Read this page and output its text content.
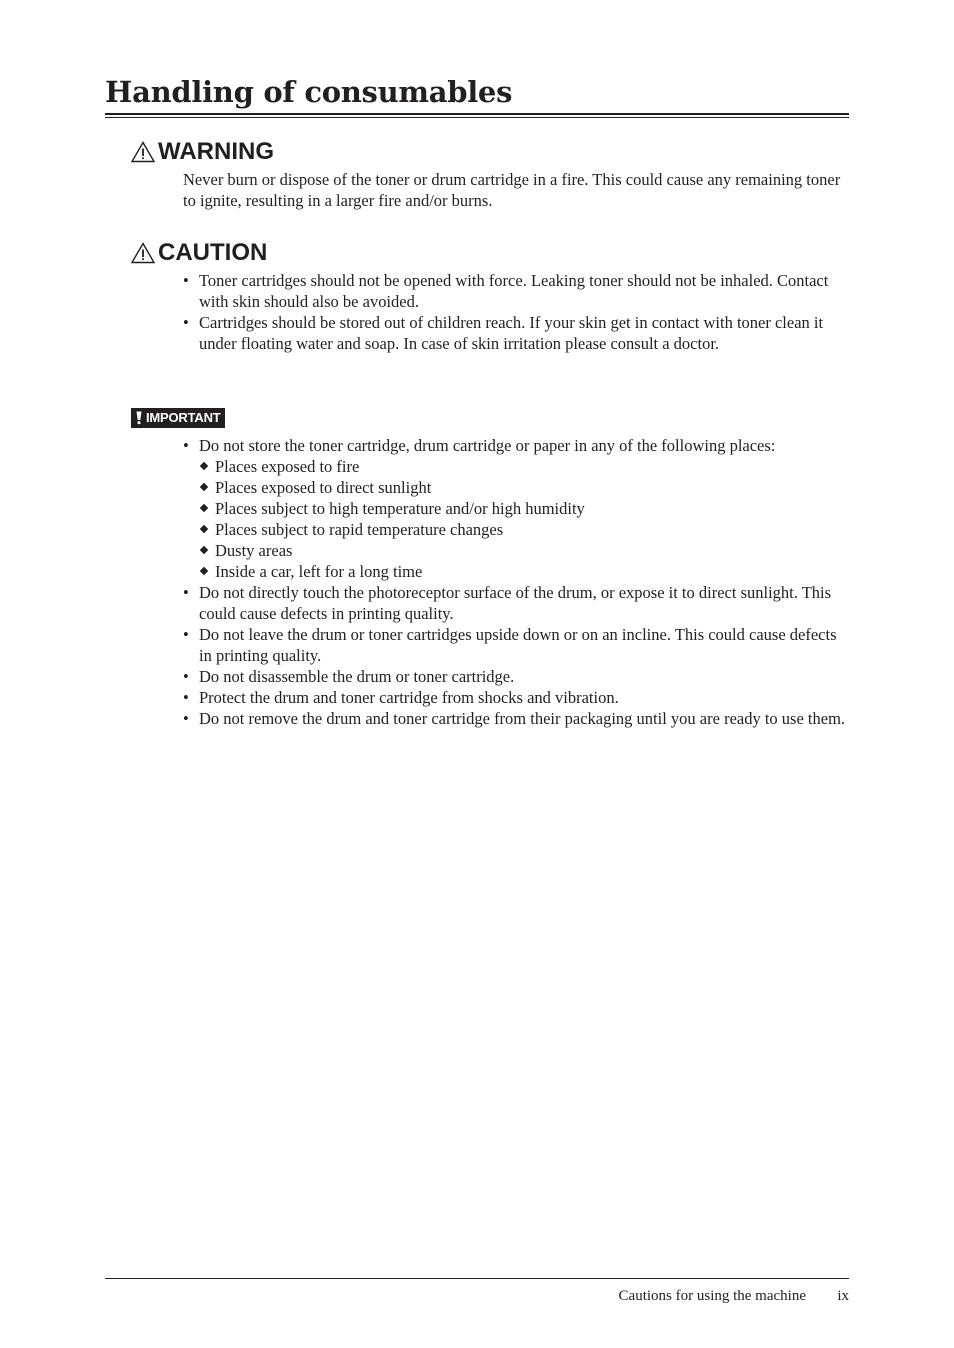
Handling of consumables
WARNING
Never burn or dispose of the toner or drum cartridge in a fire. This could cause any remaining toner to ignite, resulting in a larger fire and/or burns.
CAUTION
• Toner cartridges should not be opened with force. Leaking toner should not be inhaled. Contact with skin should also be avoided.
• Cartridges should be stored out of children reach. If your skin get in contact with toner clean it under floating water and soap. In case of skin irritation please consult a doctor.
IMPORTANT
• Do not store the toner cartridge, drum cartridge or paper in any of the following places:
Places exposed to fire
Places exposed to direct sunlight
Places subject to high temperature and/or high humidity
Places subject to rapid temperature changes
Dusty areas
Inside a car, left for a long time
• Do not directly touch the photoreceptor surface of the drum, or expose it to direct sunlight. This could cause defects in printing quality.
• Do not leave the drum or toner cartridges upside down or on an incline. This could cause defects in printing quality.
• Do not disassemble the drum or toner cartridge.
• Protect the drum and toner cartridge from shocks and vibration.
• Do not remove the drum and toner cartridge from their packaging until you are ready to use them.
Cautions for using the machine ix
